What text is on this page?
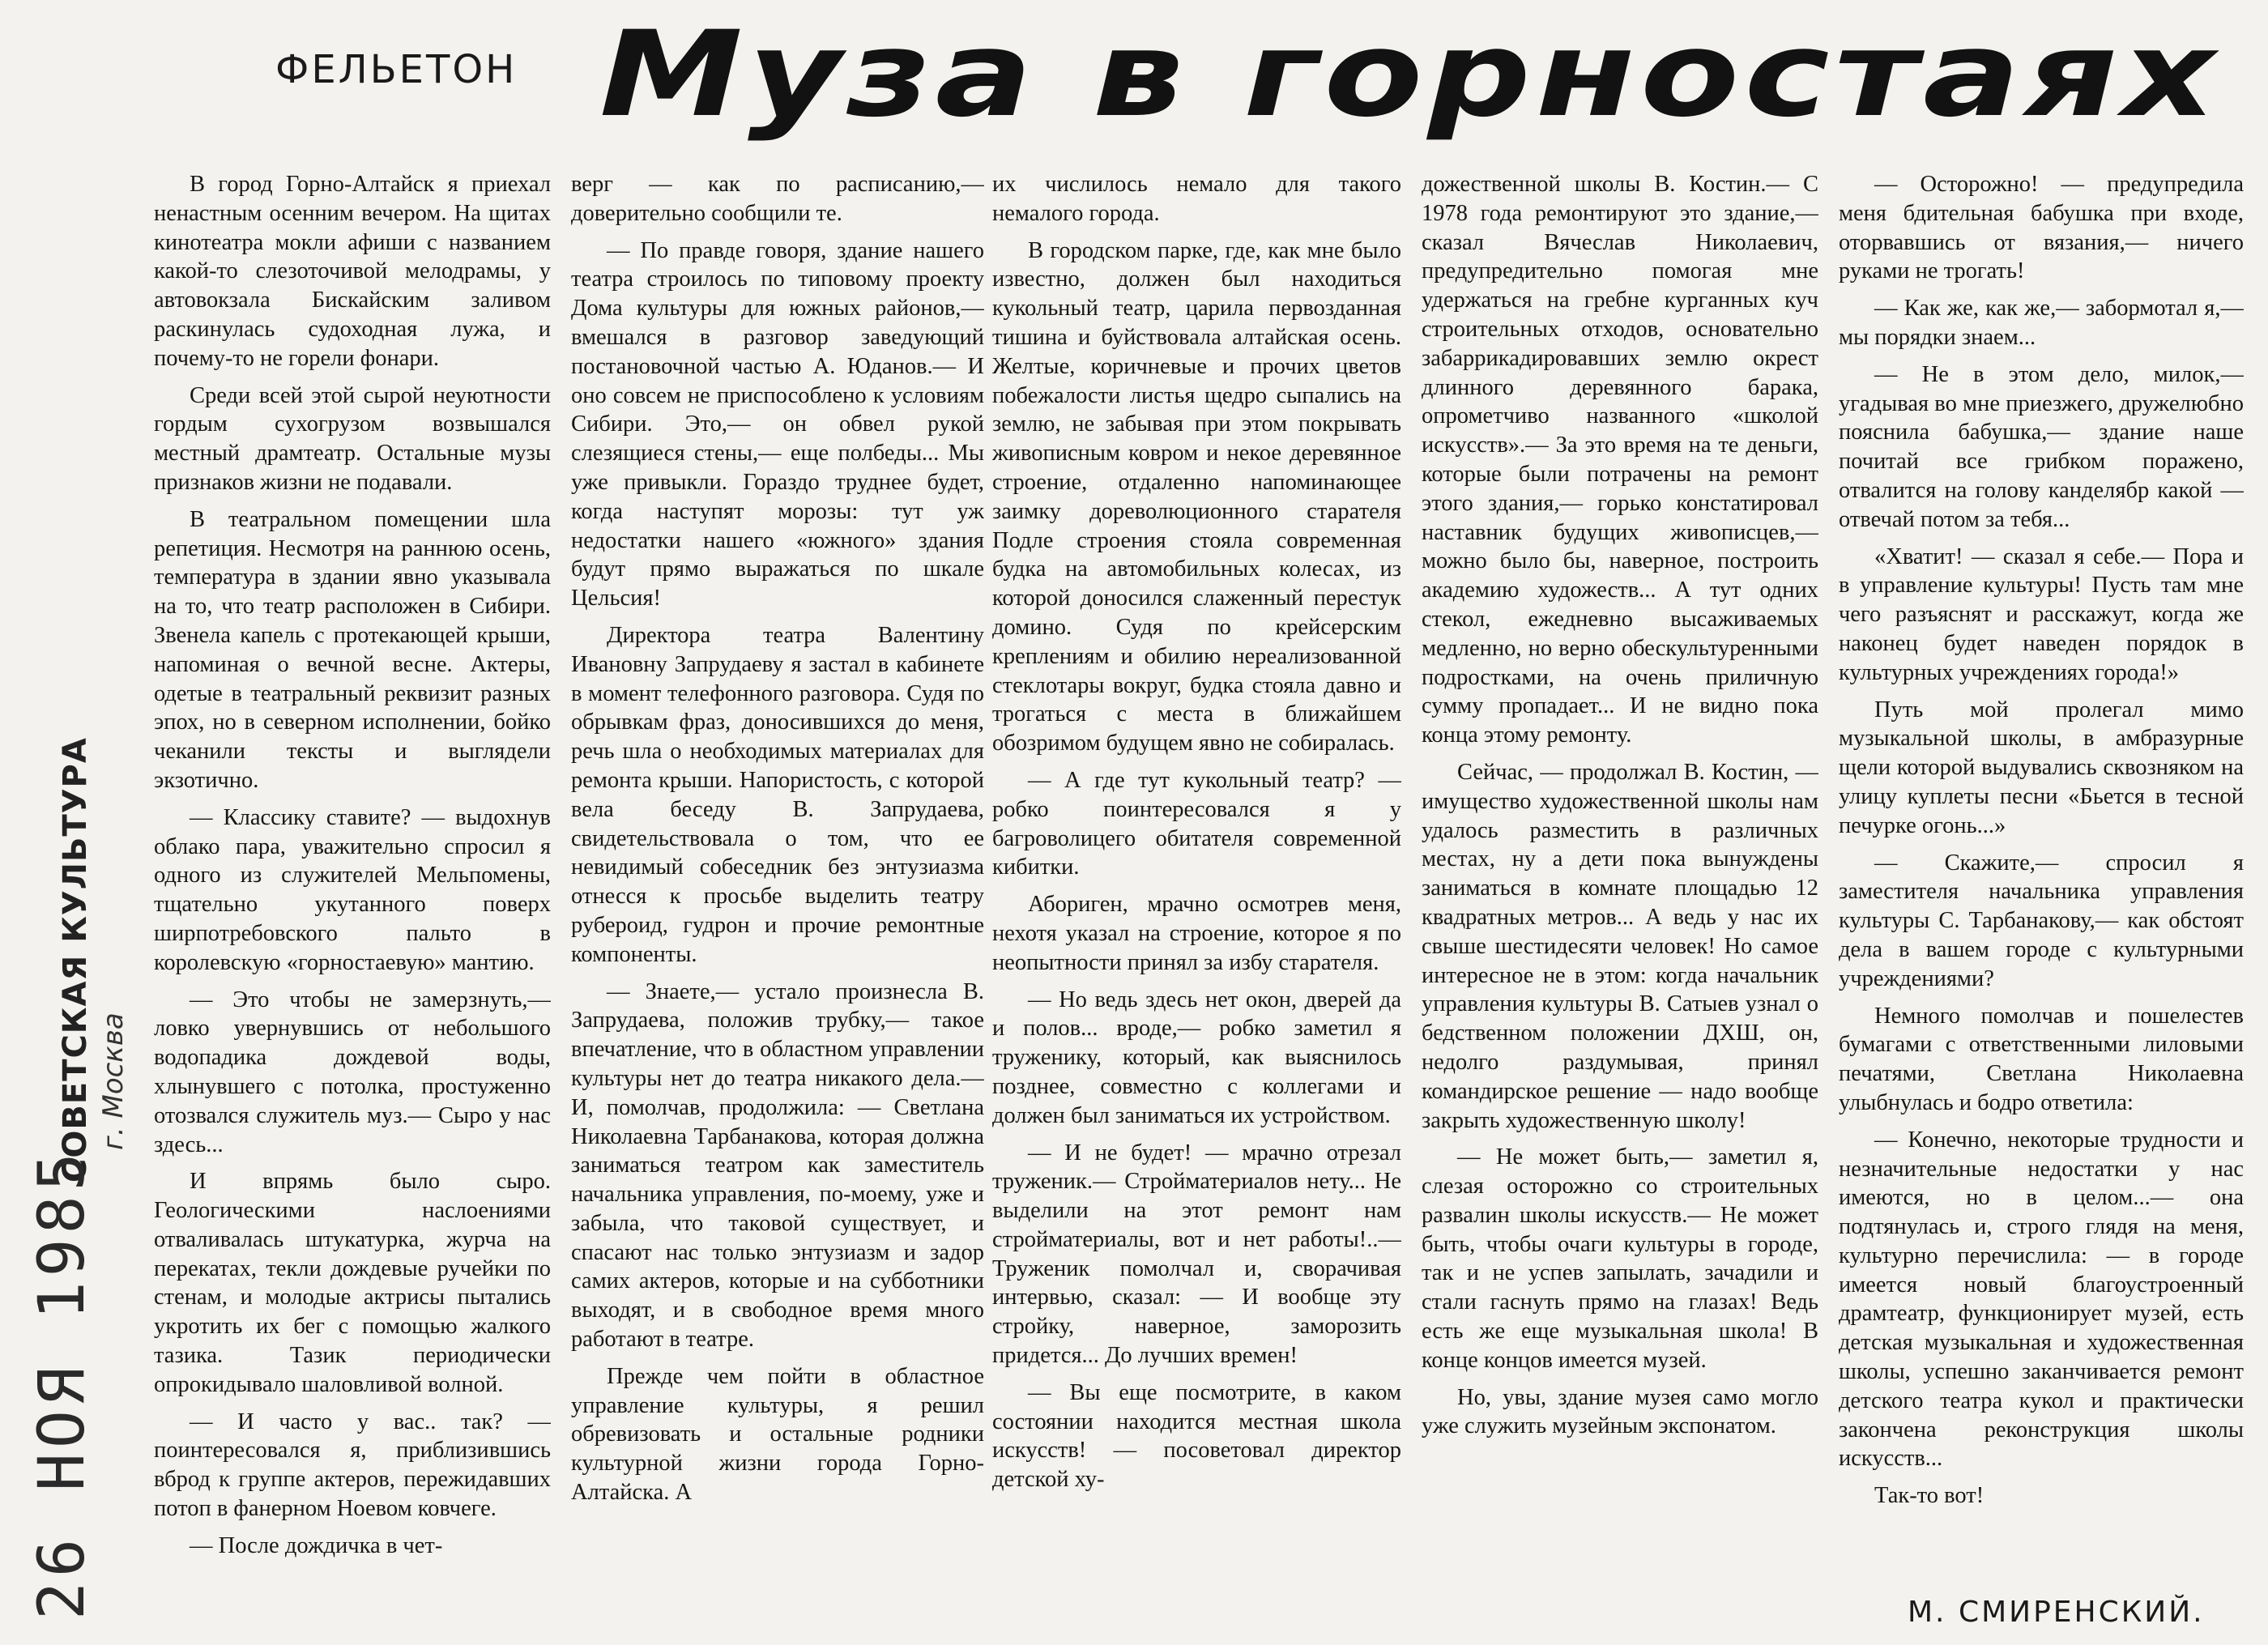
ФЕЛЬЕТОН Муза в горностаях
СОВЕТСКАЯ КУЛЬТУРА г. Москва
26 НОЯ 1985

В город Горно-Алтайск я приехал ненастным осенним вечером. На щитах кинотеатра мокли афиши с названием какой-то слезоточивой мелодрамы, у автовокзала Бискайским заливом раскинулась судоходная лужа, и почему-то не горели фонари.

Среди всей этой сырой неуютности гордым сухогрузом возвышался местный драмтеатр. Остальные музы признаков жизни не подавали.

В театральном помещении шла репетиция. Несмотря на раннюю осень, температура в здании явно указывала на то, что театр расположен в Сибири. Звенела капель с протекающей крыши, напоминая о вечной весне. Актеры, одетые в театральный реквизит разных эпох, но в северном исполнении, бойко чеканили тексты и выглядели экзотично.

— Классику ставите? — выдохнув облако пара, уважительно спросил я одного из служителей Мельпомены, тщательно укутанного поверх ширпотребовского пальто в королевскую «горностаевую» мантию.

— Это чтобы не замерзнуть,— ловко увернувшись от небольшого водопадика дождевой воды, хлынувшего с потолка, простуженно отозвался служитель муз.— Сыро у нас здесь...

И впрямь было сыро. Геологическими наслоениями отваливалась штукатурка, журча на перекатах, текли дождевые ручейки по стенам, и молодые актрисы пытались укротить их бег с помощью жалкого тазика. Тазик периодически опрокидывало шаловливой волной.

— И часто у вас.. так? — поинтересовался я, приблизившись вброд к группе актеров, пережидавших потоп в фанерном Ноевом ковчеге.

— После дождичка в чет-

верг — как по расписанию,— доверительно сообщили те.

— По правде говоря, здание нашего театра строилось по типовому проекту Дома культуры для южных районов,— вмешался в разговор заведующий постановочной частью А. Юданов.— И оно совсем не приспособлено к условиям Сибири. Это,— он обвел рукой слезящиеся стены,— еще полбеды... Мы уже привыкли. Гораздо труднее будет, когда наступят морозы: тут уж недостатки нашего «южного» здания будут прямо выражаться по шкале Цельсия!

Директора театра Валентину Ивановну Запрудаеву я застал в кабинете в момент телефонного разговора. Судя по обрывкам фраз, доносившихся до меня, речь шла о необходимых материалах для ремонта крыши. Напористость, с которой вела беседу В. Запрудаева, свидетельствовала о том, что ее невидимый собеседник без энтузиазма отнесся к просьбе выделить театру рубероид, гудрон и прочие ремонтные компоненты.

— Знаете,— устало произнесла В. Запрудаева, положив трубку,— такое впечатление, что в областном управлении культуры нет до театра никакого дела.— И, помолчав, продолжила: — Светлана Николаевна Тарбанакова, которая должна заниматься театром как заместитель начальника управления, по-моему, уже и забыла, что таковой существует, и спасают нас только энтузиазм и задор самих актеров, которые и на субботники выходят, и в свободное время много работают в театре.

Прежде чем пойти в областное управление культуры, я решил обревизовать и остальные родники культурной жизни города Горно-Алтайска. А

их числилось немало для такого немалого города.

В городском парке, где, как мне было известно, должен был находиться кукольный театр, царила первозданная тишина и буйствовала алтайская осень. Желтые, коричневые и прочих цветов побежалости листья щедро сыпались на землю, не забывая при этом покрывать живописным ковром и некое деревянное строение, отдаленно напоминающее заимку дореволюционного старателя Подле строения стояла современная будка на автомобильных колесах, из которой доносился слаженный перестук домино. Судя по крейсерским креплениям и обилию нереализованной стеклотары вокруг, будка стояла давно и трогаться с места в ближайшем обозримом будущем явно не собиралась.

— А где тут кукольный театр? — робко поинтересовался я у багроволицего обитателя современной кибитки.

Абориген, мрачно осмотрев меня, нехотя указал на строение, которое я по неопытности принял за избу старателя.

— Но ведь здесь нет окон, дверей да и полов... вроде,— робко заметил я труженику, который, как выяснилось позднее, совместно с коллегами и должен был заниматься их устройством.

— И не будет! — мрачно отрезал труженик.— Стройматериалов нету... Не выделили на этот ремонт нам стройматериалы, вот и нет работы!..— Труженик помолчал и, сворачивая интервью, сказал: — И вообще эту стройку, наверное, заморозить придется... До лучших времен!

— Вы еще посмотрите, в каком состоянии находится местная школа искусств! — посоветовал директор детской ху-

дожественной школы В. Костин.— С 1978 года ремонтируют это здание,— сказал Вячеслав Николаевич, предупредительно помогая мне удержаться на гребне курганных куч строительных отходов, основательно забаррикадировавших землю окрест длинного деревянного барака, опрометчиво названного «школой искусств».— За это время на те деньги, которые были потрачены на ремонт этого здания,— горько констатировал наставник будущих живописцев,— можно было бы, наверное, построить академию художеств... А тут одних стекол, ежедневно высаживаемых медленно, но верно обескультуренными подростками, на очень приличную сумму пропадает... И не видно пока конца этому ремонту.

Сейчас, — продолжал В. Костин, — имущество художественной школы нам удалось разместить в различных местах, ну а дети пока вынуждены заниматься в комнате площадью 12 квадратных метров... А ведь у нас их свыше шестидесяти человек! Но самое интересное не в этом: когда начальник управления культуры В. Сатыев узнал о бедственном положении ДХШ, он, недолго раздумывая, принял командирское решение — надо вообще закрыть художественную школу!

— Не может быть,— заметил я, слезая осторожно со строительных развалин школы искусств.— Не может быть, чтобы очаги культуры в городе, так и не успев запылать, зачадили и стали гаснуть прямо на глазах! Ведь есть же еще музыкальная школа! В конце концов имеется музей.

Но, увы, здание музея само могло уже служить музейным экспонатом.

— Осторожно! — предупредила меня бдительная бабушка при входе, оторвавшись от вязания,— ничего руками не трогать!

— Как же, как же,— забормотал я,— мы порядки знаем...

— Не в этом дело, милок,— угадывая во мне приезжего, дружелюбно пояснила бабушка,— здание наше почитай все грибком поражено, отвалится на голову канделябр какой — отвечай потом за тебя...

«Хватит! — сказал я себе.— Пора и в управление культуры! Пусть там мне чего разъяснят и расскажут, когда же наконец будет наведен порядок в культурных учреждениях города!»

Путь мой пролегал мимо музыкальной школы, в амбразурные щели которой выдувались сквозняком на улицу куплеты песни «Бьется в тесной печурке огонь...»

— Скажите,— спросил я заместителя начальника управления культуры С. Тарбанакову,— как обстоят дела в вашем городе с культурными учреждениями?

Немного помолчав и пошелестев бумагами с ответственными лиловыми печатями, Светлана Николаевна улыбнулась и бодро ответила:

— Конечно, некоторые трудности и незначительные недостатки у нас имеются, но в целом...— она подтянулась и, строго глядя на меня, культурно перечислила: — в городе имеется новый благоустроенный драмтеатр, функционирует музей, есть детская музыкальная и художественная школы, успешно заканчивается ремонт детского театра кукол и практически закончена реконструкция школы искусств...

Так-то вот!

М. СМИРЕНСКИЙ.
